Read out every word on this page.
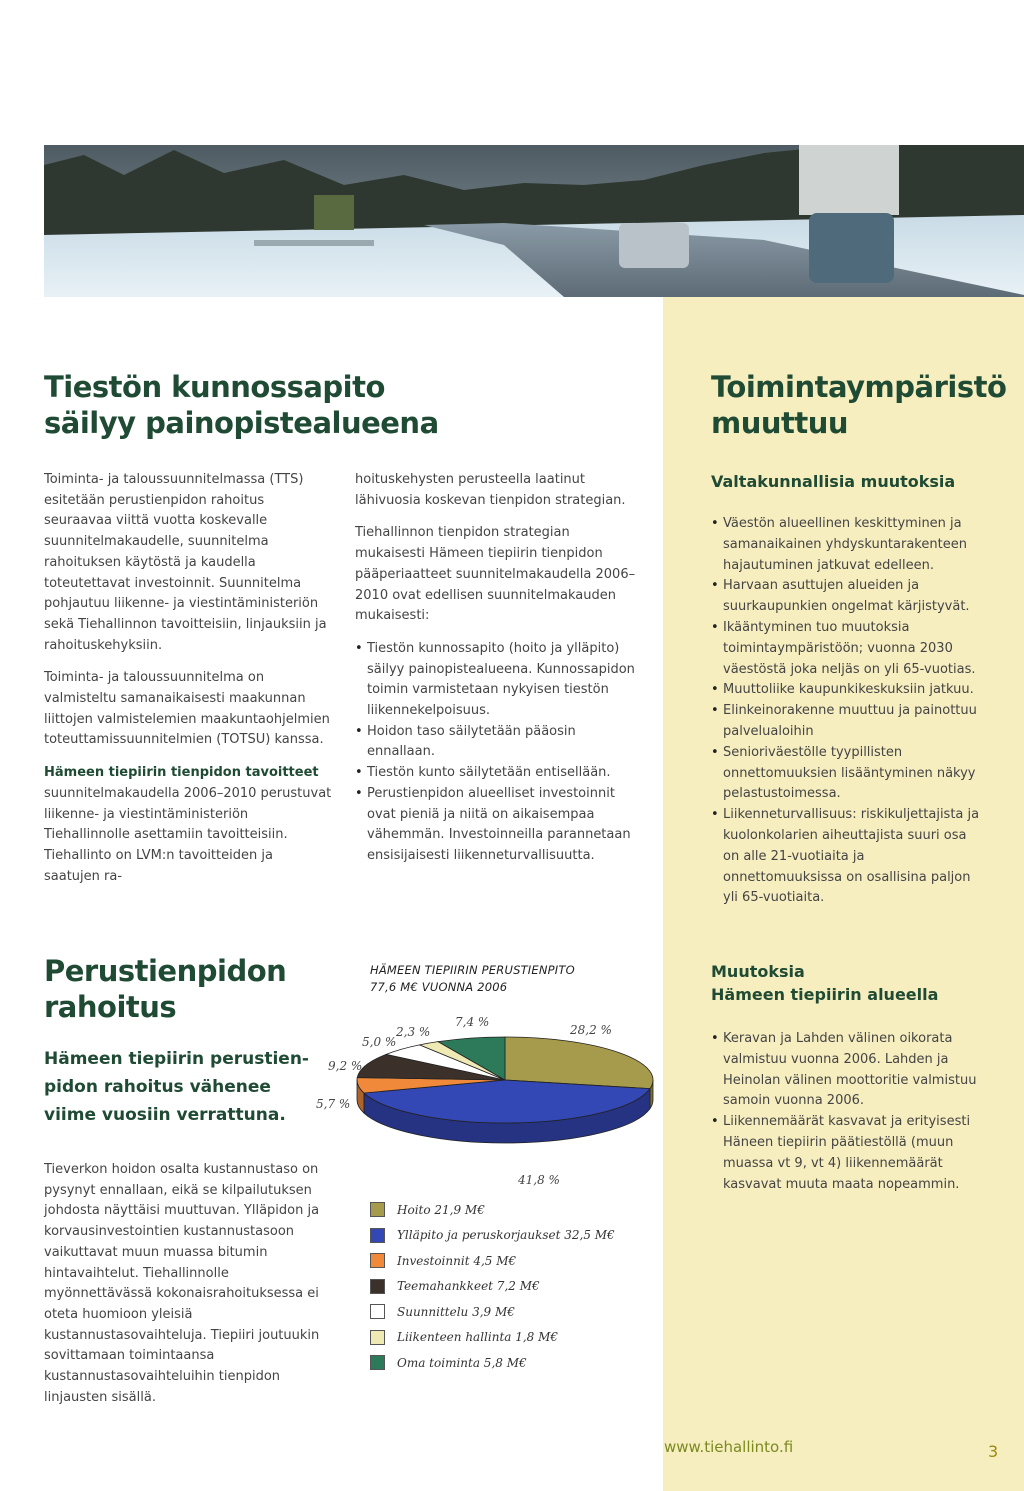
Tiestön kunnossapito
säilyy painopistealueena

Toiminta- ja taloussuunnitelmassa (TTS) esitetään perustienpidon rahoitus seuraavaa viittä vuotta koskevalle suunnitelmakaudelle, suunnitelma rahoituksen käytöstä ja kaudella toteutettavat investoinnit. Suunnitelma pohjautuu liikenne- ja viestintäministeriön sekä Tiehallinnon tavoitteisiin, linjauksiin ja rahoituskehyksiin.

Toiminta- ja taloussuunnitelma on valmisteltu samanaikaisesti maakunnan liittojen valmistelemien maakuntaohjelmien toteuttamissuunnitelmien (TOTSU) kanssa.

Hämeen tiepiirin tienpidon tavoitteet suunnitelmakaudella 2006–2010 perustuvat liikenne- ja viestintäministeriön Tiehallinnolle asettamiin tavoitteisiin. Tiehallinto on LVM:n tavoitteiden ja saatujen ra-

hoituskehysten perusteella laatinut lähivuosia koskevan tienpidon strategian.

Tiehallinnon tienpidon strategian mukaisesti Hämeen tiepiirin tienpidon pääperiaatteet suunnitelmakaudella 2006–2010 ovat edellisen suunnitelmakauden mukaisesti:

• Tiestön kunnossapito (hoito ja ylläpito) säilyy painopistealueena. Kunnossapidon toimin varmistetaan nykyisen tiestön liikennekelpoisuus.
• Hoidon taso säilytetään pääosin ennallaan.
• Tiestön kunto säilytetään entisellään.
• Perustienpidon alueelliset investoinnit ovat pieniä ja niitä on aikaisempaa vähemmän. Investoinneilla parannetaan ensisijaisesti liikenneturvallisuutta.
Perustienpidon
rahoitus
Hämeen tiepiirin perustien-
pidon rahoitus vähenee
viime vuosiin verrattuna.

Tieverkon hoidon osalta kustannustaso on pysynyt ennallaan, eikä se kilpailutuksen johdosta näyttäisi muuttuvan. Ylläpidon ja korvausinvestointien kustannustasoon vaikuttavat muun muassa bitumin hintavaihtelut. Tiehallinnolle myönnettävässä kokonaisrahoituksessa ei oteta huomioon yleisiä kustannustasovaihteluja. Tiepiiri joutuukin sovittamaan toimintaansa kustannustasovaihteluihin tienpidon linjausten sisällä.

HÄMEEN TIEPIIRIN PERUSTIENPITO
77,6 M€ VUONNA 2006
28,2 %
41,8 %
5,7 %
9,2 %
5,0 %
2,3 %
7,4 %
Hoito 21,9 M€
Ylläpito ja peruskorjaukset 32,5 M€
Investoinnit 4,5 M€
Teemahankkeet 7,2 M€
Suunnittelu 3,9 M€
Liikenteen hallinta 1,8 M€
Oma toiminta 5,8 M€
Toimintaympäristö
muuttuu
Valtakunnallisia muutoksia
• Väestön alueellinen keskittyminen ja samanaikainen yhdyskuntarakenteen hajautuminen jatkuvat edelleen.
• Harvaan asuttujen alueiden ja suurkaupunkien ongelmat kärjistyvät.
• Ikääntyminen tuo muutoksia toimintaympäristöön; vuonna 2030 väestöstä joka neljäs on yli 65-vuotias.
• Muuttoliike kaupunkikeskuksiin jatkuu.
• Elinkeinorakenne muuttuu ja painottuu palvelualoihin
• Senioriväestölle tyypillisten onnettomuuksien lisääntyminen näkyy pelastustoimessa.
• Liikenneturvallisuus: riskikuljettajista ja kuolonkolarien aiheuttajista suuri osa on alle 21-vuotiaita ja onnettomuuksissa on osallisina paljon yli 65-vuotiaita.
Muutoksia
Hämeen tiepiirin alueella
• Keravan ja Lahden välinen oikorata valmistuu vuonna 2006. Lahden ja Heinolan välinen moottoritie valmistuu samoin vuonna 2006.
• Liikennemäärät kasvavat ja erityisesti Häneen tiepiirin päätiestöllä (muun muassa vt 9, vt 4) liikennemäärät kasvavat muuta maata nopeammin.
www.tiehallinto.fi	3
